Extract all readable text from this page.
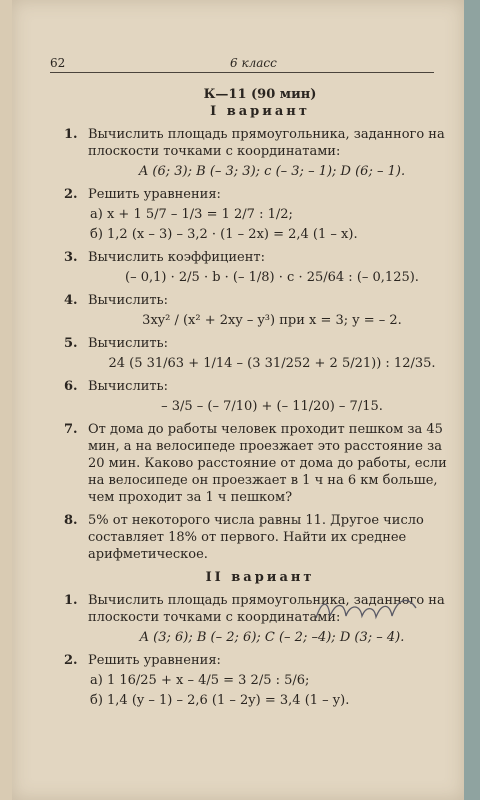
62	6 класс
К—11 (90 мин)
I вариант
1. Вычислить площадь прямоугольника, заданного на плоскости точками с координатами:
A (6; 3); B (– 3; 3); c (– 3; – 1); D (6; – 1).
2. Решить уравнения:
а) x + 1 5/7 – 1/3 = 1 2/7 : 1/2;
б) 1,2 (x – 3) – 3,2 · (1 – 2x) = 2,4 (1 – x).
3. Вычислить коэффициент:
(– 0,1) · 2/5 · b · (– 1/8) · c · 25/64 : (– 0,125).
4. Вычислить:
3xy² / (x² + 2xy – y³) при x = 3; y = – 2.
5. Вычислить:
24 (5 31/63 + 1/14 – (3 31/252 + 2 5/21)) : 12/35.
6. Вычислить:
– 3/5 – (– 7/10) + (– 11/20) – 7/15.
7. От дома до работы человек проходит пешком за 45 мин, а на велосипеде проезжает это расстояние за 20 мин. Каково расстояние от дома до работы, если на велосипеде он проезжает в 1 ч на 6 км больше, чем проходит за 1 ч пешком?
8. 5% от некоторого числа равны 11. Другое число составляет 18% от первого. Найти их среднее арифметическое.
II вариант
1. Вычислить площадь прямоугольника, заданного на плоскости точками с координатами:
A (3; 6); B (– 2; 6); C (– 2; –4); D (3; – 4).
2. Решить уравнения:
а) 1 16/25 + x – 4/5 = 3 2/5 : 5/6;
б) 1,4 (y – 1) – 2,6 (1 – 2y) = 3,4 (1 – y).
